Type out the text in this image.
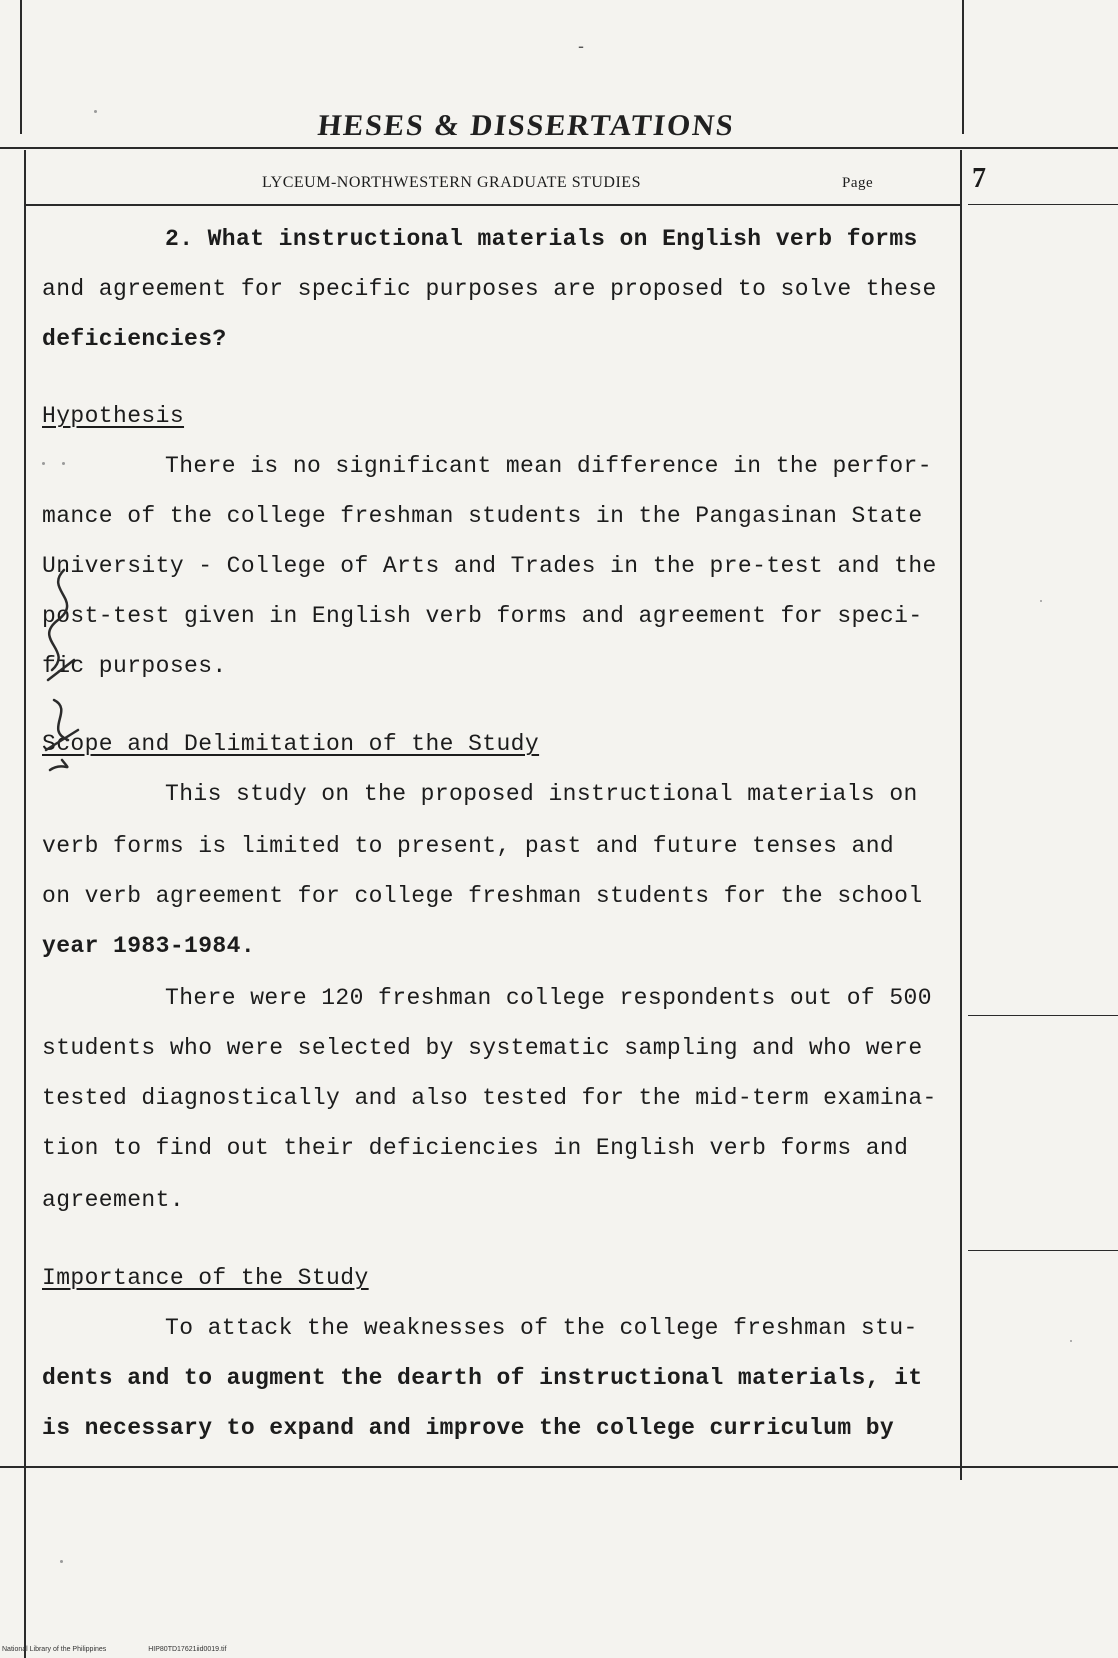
-
HESES & DISSERTATIONS
LYCEUM-NORTHWESTERN GRADUATE STUDIES	Page	7
2. What instructional materials on English verb forms
and agreement for specific purposes are proposed to solve these
deficiencies?
Hypothesis
There is no significant mean difference in the perfor-
mance of the college freshman students in the Pangasinan State
University - College of Arts and Trades in the pre-test and the
post-test given in English verb forms and agreement for speci-
fic purposes.
Scope and Delimitation of the Study
This study on the proposed instructional materials on
verb forms is limited to present, past and future tenses and
on verb agreement for college freshman students for the school
year 1983-1984.
There were 120 freshman college respondents out of 500
students who were selected by systematic sampling and who were
tested diagnostically and also tested for the mid-term examina-
tion to find out their deficiencies in English verb forms and
agreement.
Importance of the Study
To attack the weaknesses of the college freshman stu-
dents and to augment the dearth of instructional materials, it
is necessary to expand and improve the college curriculum by
National Library of the Philippines	HIP80TD17621iid0019.tif
